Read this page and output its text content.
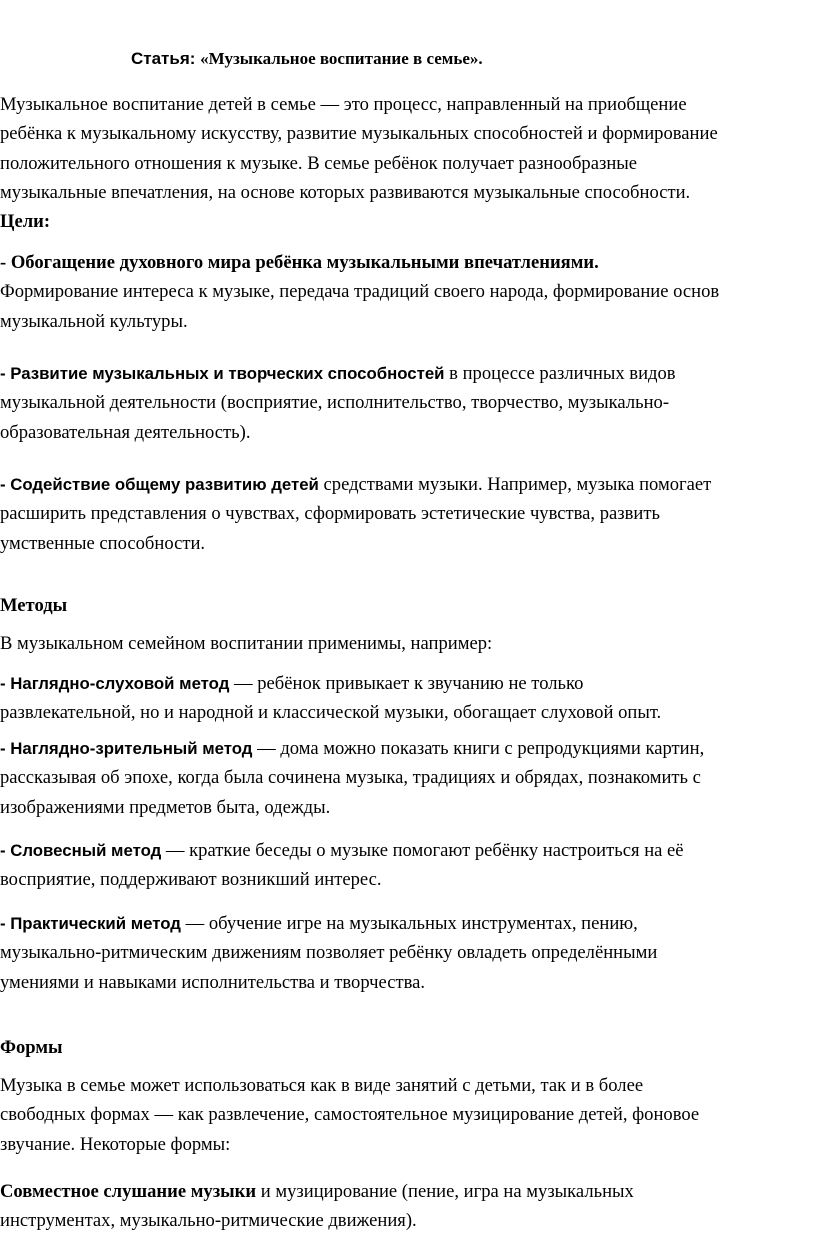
Статья: «Музыкальное воспитание в семье».
Музыкальное воспитание детей в семье — это процесс, направленный на приобщение
ребёнка к музыкальному искусству, развитие музыкальных способностей и формирование
положительного отношения к музыке. В семье ребёнок получает разнообразные
музыкальные впечатления, на основе которых развиваются музыкальные способности.
Цели:
- Обогащение духовного мира ребёнка музыкальными впечатлениями.
Формирование интереса к музыке, передача традиций своего народа, формирование основ
музыкальной культуры.
- Развитие музыкальных и творческих способностей в процессе различных видов
музыкальной деятельности (восприятие, исполнительство, творчество, музыкально-
образовательная деятельность).
- Содействие общему развитию детей средствами музыки. Например, музыка помогает
расширить представления о чувствах, сформировать эстетические чувства, развить
умственные способности.
Методы
В музыкальном семейном воспитании применимы, например:
- Наглядно-слуховой метод — ребёнок привыкает к звучанию не только
развлекательной, но и народной и классической музыки, обогащает слуховой опыт.
- Наглядно-зрительный метод — дома можно показать книги с репродукциями картин,
рассказывая об эпохе, когда была сочинена музыка, традициях и обрядах, познакомить с
изображениями предметов быта, одежды.
- Словесный метод — краткие беседы о музыке помогают ребёнку настроиться на её
восприятие, поддерживают возникший интерес.
- Практический метод — обучение игре на музыкальных инструментах, пению,
музыкально-ритмическим движениям позволяет ребёнку овладеть определёнными
умениями и навыками исполнительства и творчества.
Формы
Музыка в семье может использоваться как в виде занятий с детьми, так и в более
свободных формах — как развлечение, самостоятельное музицирование детей, фоновое
звучание. Некоторые формы:
Совместное слушание музыки и музицирование (пение, игра на музыкальных
инструментах, музыкально-ритмические движения).
